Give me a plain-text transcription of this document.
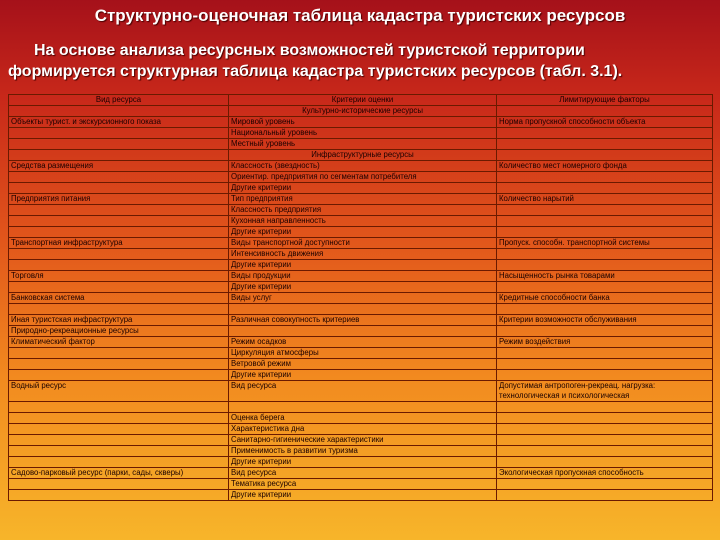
Структурно-оценочная таблица кадастра туристских ресурсов
На основе анализа ресурсных возможностей туристской территории
формируется структурная таблица кадастра туристских ресурсов (табл. 3.1).
Вид ресурса	Критерии оценки	Лимитирующие факторы
	Культурно-исторические ресурсы	
Объекты турист. и экскурсионного показа	Мировой уровень	Норма пропускной способности объекта
	Национальный уровень	
	Местный уровень	
	Инфраструктурные ресурсы	
Средства размещения	Классность (звездность)	Количество мест номерного фонда
	Ориентир. предприятия по сегментам потребителя	
	Другие критерии	
Предприятия питания	Тип предприятия	Количество нарытий
	Классность предприятия	
	Кухонная направленность	
	Другие критерии	
Транспортная инфраструктура	Виды транспортной доступности	Пропуск. способн. транспортной системы
	Интенсивность движения	
	Другие критерии	
Торговля	Виды продукции	Насыщенность рынка товарами
	Другие критерии	
Банковская система	Виды услуг	Кредитные способности банка

Иная туристская инфраструктура	Различная совокупность критериев	Критерии возможности обслуживания
Природно-рекреационные ресурсы		
Климатический фактор	Режим осадков	Режим воздействия
	Циркуляция атмосферы	
	Ветровой режим	
	Другие критерии	
Водный ресурс	Вид ресурса	Допустимая антропоген-рекреац. нагрузка: технологическая и психологическая

	Оценка берега	
	Характеристика дна	
	Санитарно-гигиенические характеристики	
	Применимость в развитии туризма	
	Другие критерии	
Садово-парковый ресурс (парки, сады, скверы)	Вид ресурса	Экологическая пропускная способность
	Тематика ресурса	
	Другие критерии	
